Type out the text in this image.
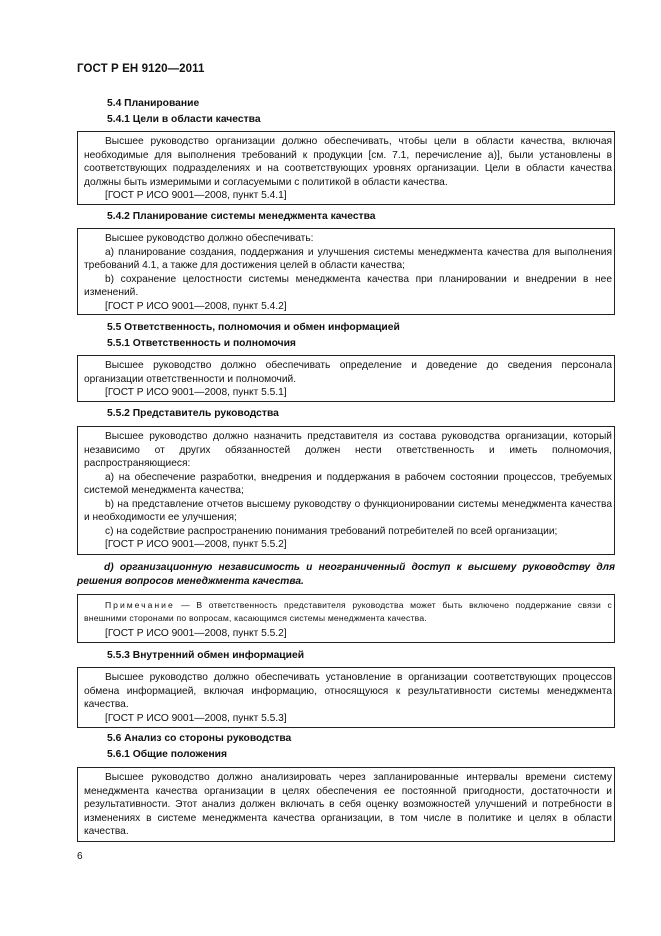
ГОСТ Р ЕН 9120—2011
5.4 Планирование
5.4.1 Цели в области качества

Высшее руководство организации должно обеспечивать, чтобы цели в области качества, включая необходимые для выполнения требований к продукции [см. 7.1, перечисление а)], были установлены в соответствующих подразделениях и на соответствующих уровнях организации. Цели в области качества должны быть измеримыми и согласуемыми с политикой в области качества.

[ГОСТ Р ИСО 9001—2008, пункт 5.4.1]

5.4.2 Планирование системы менеджмента качества

Высшее руководство должно обеспечивать:

a) планирование создания, поддержания и улучшения системы менеджмента качества для выполнения требований 4.1, а также для достижения целей в области качества;

b) сохранение целостности системы менеджмента качества при планировании и внедрении в нее изменений.

[ГОСТ Р ИСО 9001—2008, пункт 5.4.2]

5.5 Ответственность, полномочия и обмен информацией
5.5.1 Ответственность и полномочия

Высшее руководство должно обеспечивать определение и доведение до сведения персонала организации ответственности и полномочий.

[ГОСТ Р ИСО 9001—2008, пункт 5.5.1]

5.5.2 Представитель руководства

Высшее руководство должно назначить представителя из состава руководства организации, который независимо от других обязанностей должен нести ответственность и иметь полномочия, распространяющиеся:

a) на обеспечение разработки, внедрения и поддержания в рабочем состоянии процессов, требуемых системой менеджмента качества;

b) на представление отчетов высшему руководству о функционировании системы менеджмента качества и необходимости ее улучшения;

c) на содействие распространению понимания требований потребителей по всей организации;

[ГОСТ Р ИСО 9001—2008, пункт 5.5.2]

d) организационную независимость и неограниченный доступ к высшему руководству для решения вопросов менеджмента качества.

Примечание — В ответственность представителя руководства может быть включено поддержание связи с внешними сторонами по вопросам, касающимся системы менеджмента качества.

[ГОСТ Р ИСО 9001—2008, пункт 5.5.2]

5.5.3 Внутренний обмен информацией

Высшее руководство должно обеспечивать установление в организации соответствующих процессов обмена информацией, включая информацию, относящуюся к результативности системы менеджмента качества.

[ГОСТ Р ИСО 9001—2008, пункт 5.5.3]

5.6 Анализ со стороны руководства
5.6.1 Общие положения

Высшее руководство должно анализировать через запланированные интервалы времени систему менеджмента качества организации в целях обеспечения ее постоянной пригодности, достаточности и результативности. Этот анализ должен включать в себя оценку возможностей улучшений и потребности в изменениях в системе менеджмента качества организации, в том числе в политике и целях в области качества.

6
